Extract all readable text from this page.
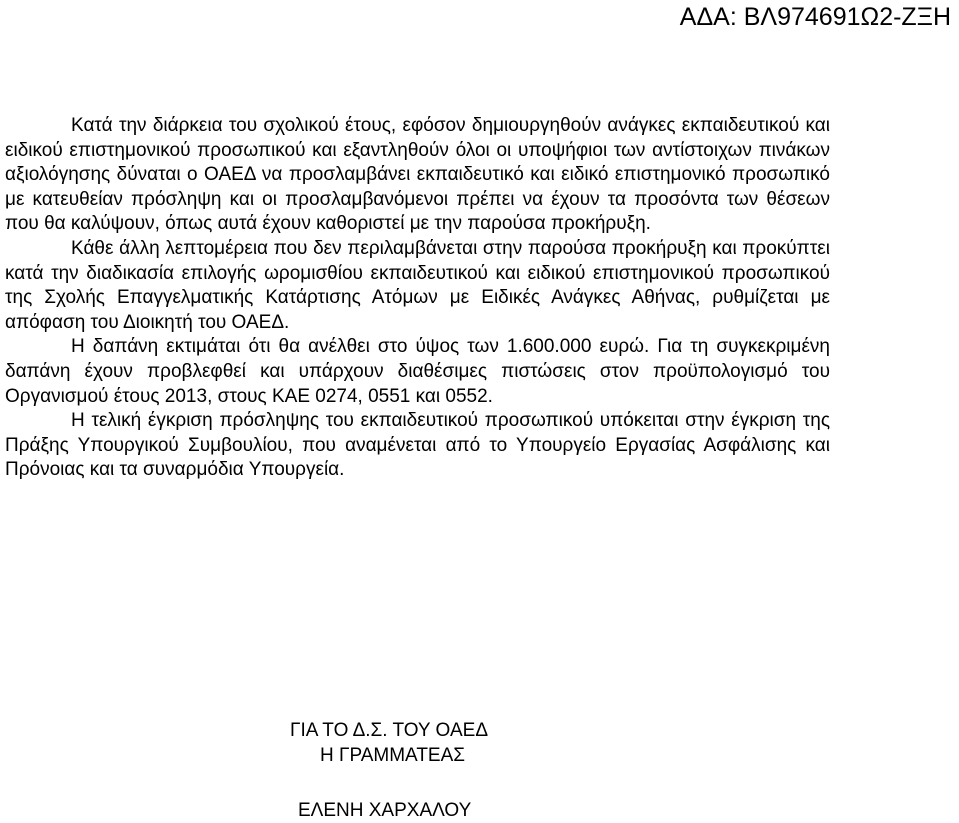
ΑΔΑ: ΒΛ974691Ω2-ΖΞΗ

Κατά την διάρκεια του σχολικού έτους, εφόσον δημιουργηθούν ανάγκες εκπαιδευτικού και ειδικού επιστημονικού προσωπικού και εξαντληθούν όλοι οι υποψήφιοι των αντίστοιχων πινάκων αξιολόγησης δύναται ο ΟΑΕΔ να προσλαμβάνει εκπαιδευτικό και ειδικό επιστημονικό προσωπικό με κατευθείαν πρόσληψη και οι προσλαμβανόμενοι πρέπει να έχουν τα προσόντα των θέσεων που θα καλύψουν, όπως αυτά έχουν καθοριστεί με την παρούσα προκήρυξη.

Κάθε άλλη λεπτομέρεια που δεν περιλαμβάνεται στην παρούσα προκήρυξη και προκύπτει κατά την διαδικασία επιλογής ωρομισθίου εκπαιδευτικού και ειδικού επιστημονικού προσωπικού της Σχολής Επαγγελματικής Κατάρτισης Ατόμων με Ειδικές Ανάγκες Αθήνας, ρυθμίζεται με απόφαση του Διοικητή του ΟΑΕΔ.

Η δαπάνη εκτιμάται ότι θα ανέλθει στο ύψος των 1.600.000 ευρώ. Για τη συγκεκριμένη δαπάνη έχουν προβλεφθεί και υπάρχουν διαθέσιμες πιστώσεις στον προϋπολογισμό του Οργανισμού έτους 2013, στους ΚΑΕ 0274, 0551 και 0552.

Η τελική έγκριση πρόσληψης του εκπαιδευτικού προσωπικού υπόκειται στην έγκριση της Πράξης Υπουργικού Συμβουλίου, που αναμένεται από το Υπουργείο Εργασίας Ασφάλισης και Πρόνοιας και τα συναρμόδια Υπουργεία.

ΓΙΑ ΤΟ Δ.Σ. ΤΟΥ ΟΑΕΔ
Η ΓΡΑΜΜΑΤΕΑΣ
ΕΛΕΝΗ ΧΑΡΧΑΛΟΥ
